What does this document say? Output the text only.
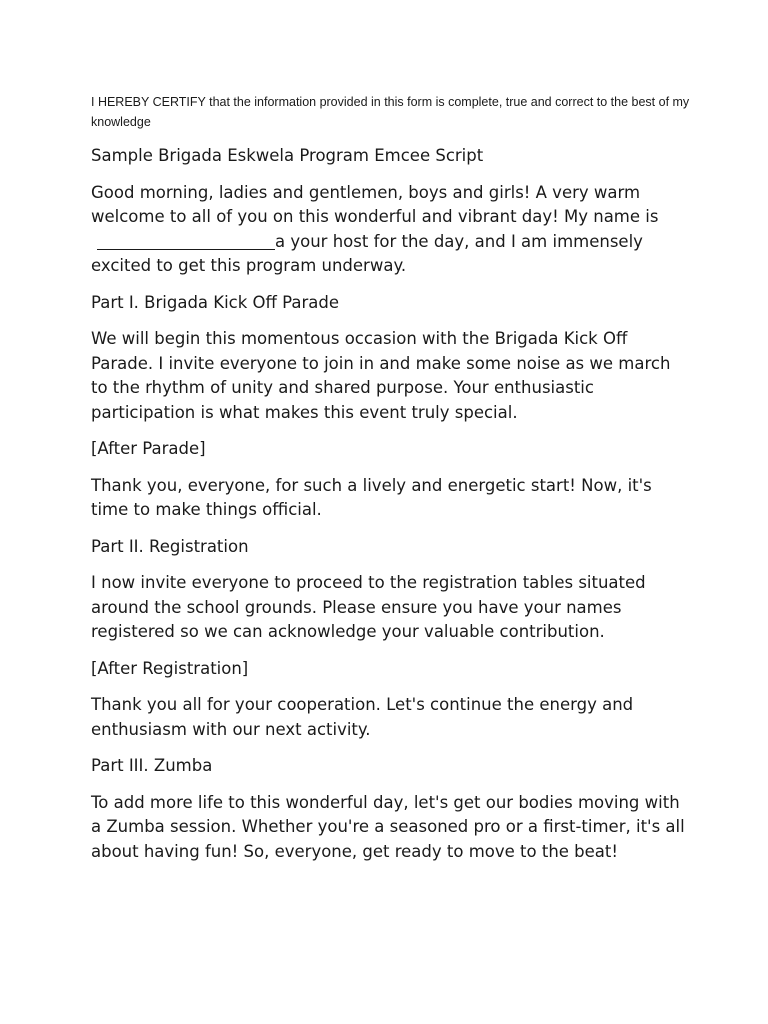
I HEREBY CERTIFY that the information provided in this form is complete, true and correct to the best of my knowledge

Sample Brigada Eskwela Program Emcee Script

Good morning, ladies and gentlemen, boys and girls! A very warm welcome to all of you on this wonderful and vibrant day! My name isa your host for the day, and I am immensely excited to get this program underway.

Part I. Brigada Kick Off Parade

We will begin this momentous occasion with the Brigada Kick Off Parade. I invite everyone to join in and make some noise as we march to the rhythm of unity and shared purpose. Your enthusiastic participation is what makes this event truly special.

[After Parade]

Thank you, everyone, for such a lively and energetic start! Now, it's time to make things official.

Part II. Registration

I now invite everyone to proceed to the registration tables situated around the school grounds. Please ensure you have your names registered so we can acknowledge your valuable contribution.

[After Registration]

Thank you all for your cooperation. Let's continue the energy and enthusiasm with our next activity.

Part III. Zumba

To add more life to this wonderful day, let's get our bodies moving with a Zumba session. Whether you're a seasoned pro or a first-timer, it's all about having fun! So, everyone, get ready to move to the beat!
